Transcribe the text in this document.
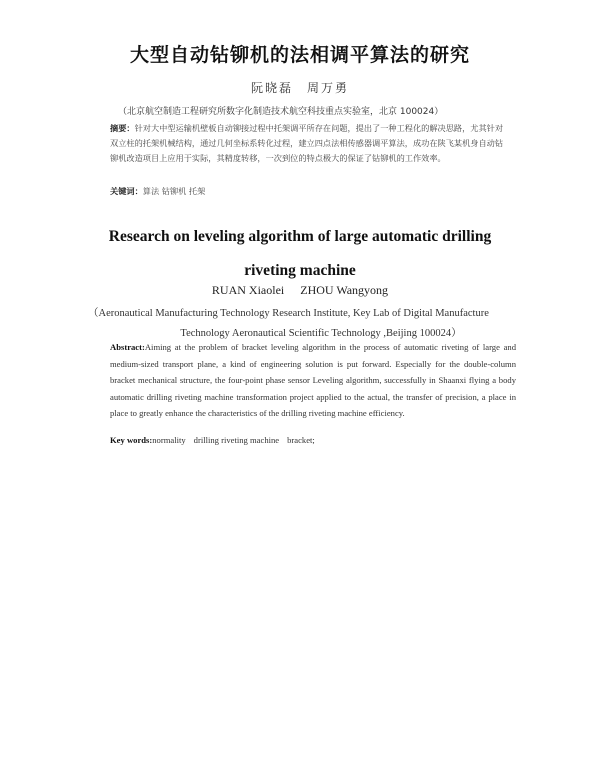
大型自动钻铆机的法相调平算法的研究
阮晓磊　周万勇
（北京航空制造工程研究所数字化制造技术航空科技重点实验室，北京 100024）
摘要：针对大中型运输机壁板自动铆接过程中托架调平所存在问题，提出了一种工程化的解决思路，尤其针对双立柱的托架机械结构，通过几何坐标系转化过程，建立四点法相传感器调平算法，成功在陕飞某机身自动钻铆机改造项目上应用于实际，其精度转移，一次到位的特点极大的保证了钻铆机的工作效率。
关键词：算法 钻铆机 托架
Research on leveling algorithm of large automatic drilling
riveting machine
RUAN Xiaolei ZHOU Wangyong
（Aeronautical Manufacturing Technology Research Institute, Key Lab of Digital Manufacture
Technology Aeronautical Scientific Technology ,Beijing 100024）
Abstract:Aiming at the problem of bracket leveling algorithm in the process of automatic riveting of large and medium-sized transport plane, a kind of engineering solution is put forward. Especially for the double-column bracket mechanical structure, the four-point phase sensor Leveling algorithm, successfully in Shaanxi flying a body automatic drilling riveting machine transformation project applied to the actual, the transfer of precision, a place in place to greatly enhance the characteristics of the drilling riveting machine efficiency.
Key words:normality drilling riveting machine bracket;
